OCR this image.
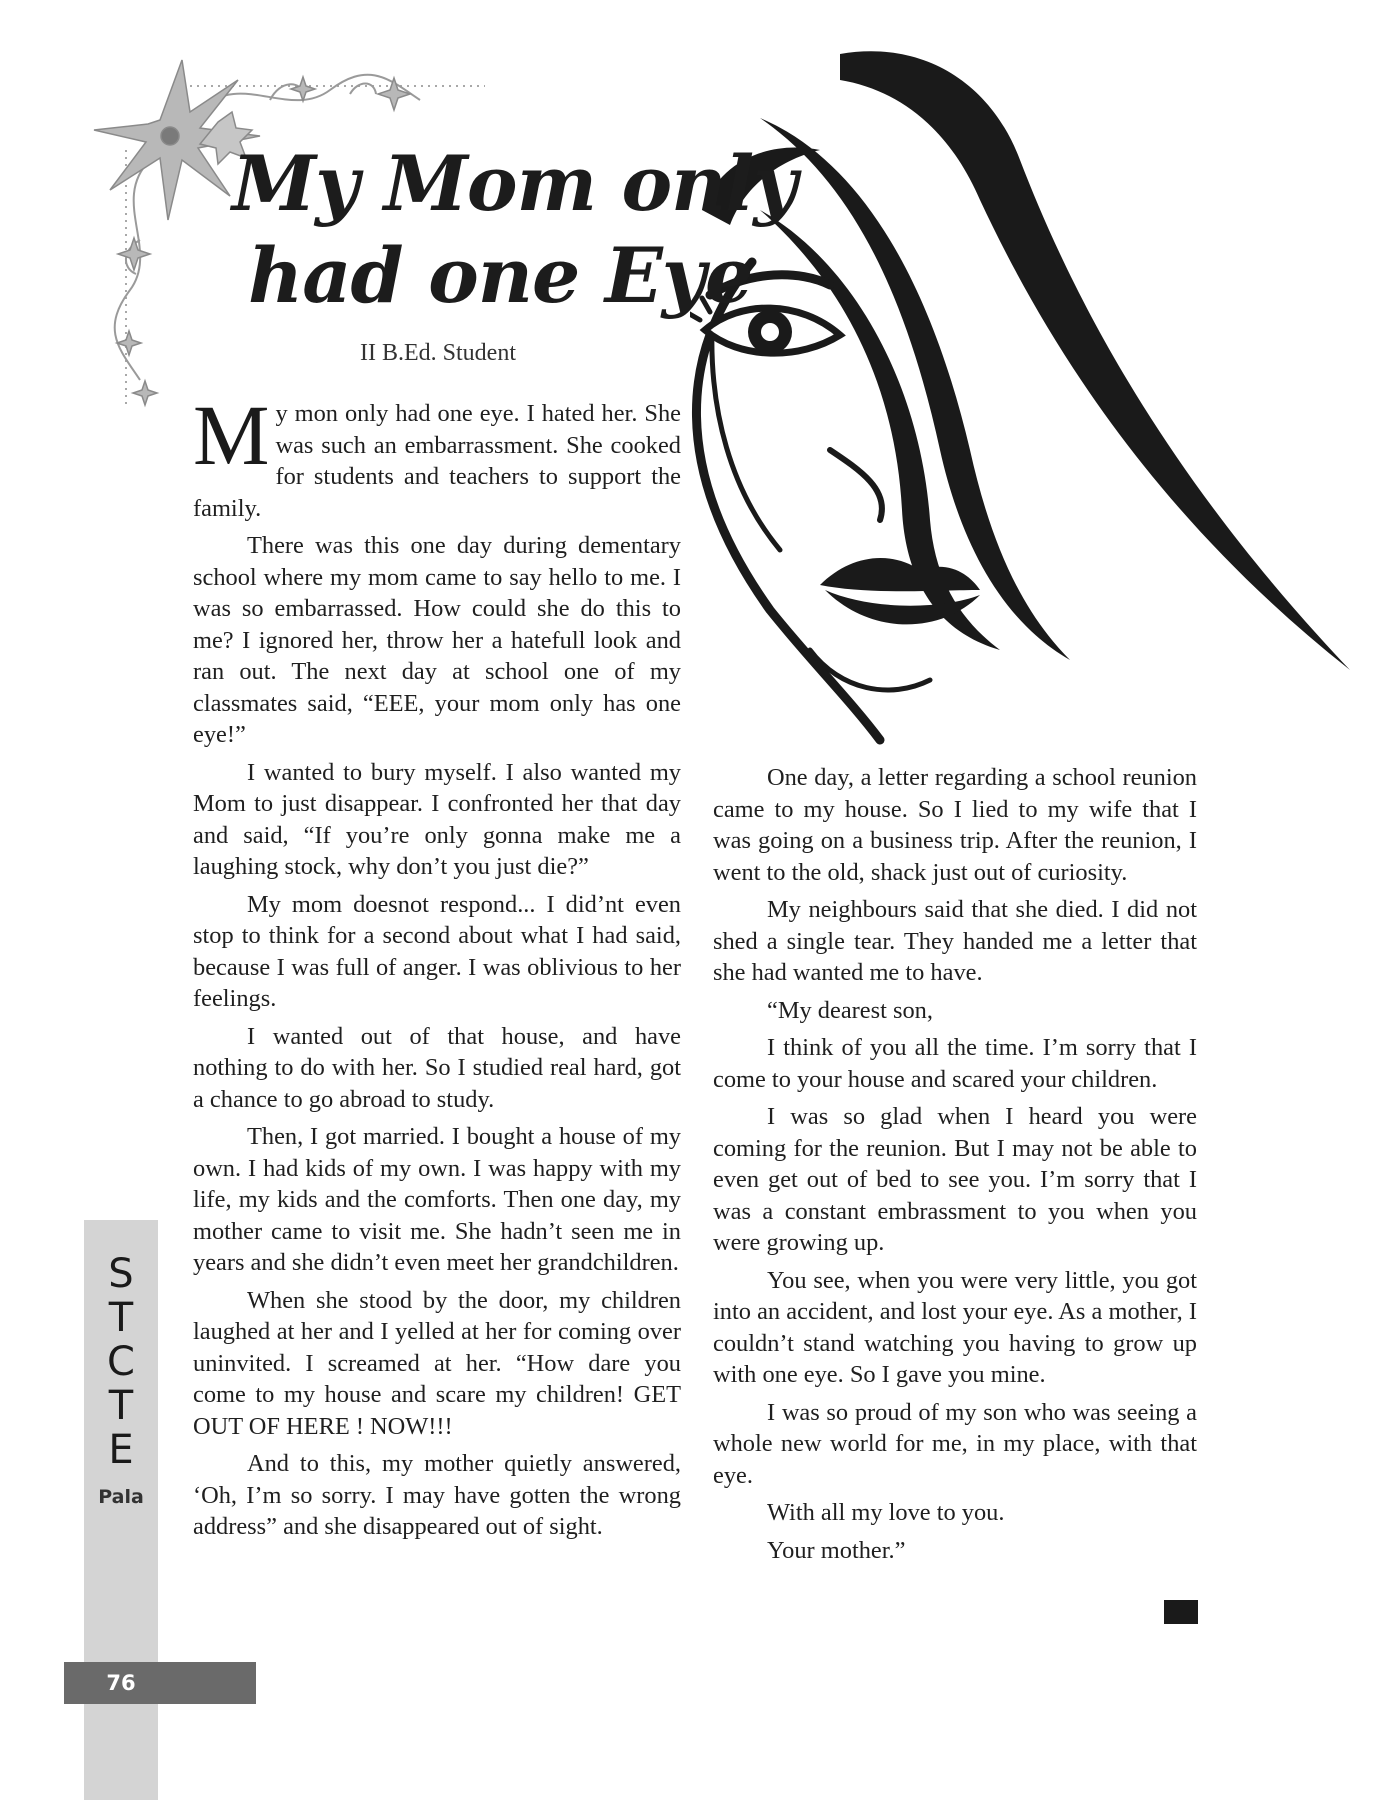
My Mom only
had one Eye
II B.Ed. Student

My mon only had one eye. I hated her. She was such an embarrassment. She cooked for students and teachers to support the family.

There was this one day during dementary school where my mom came to say hello to me. I was so embarrassed. How could she do this to me? I ignored her, throw her a hatefull look and ran out. The next day at school one of my classmates said, “EEE, your mom only has one eye!”

I wanted to bury myself. I also wanted my Mom to just disappear. I confronted her that day and said, “If you’re only gonna make me a laughing stock, why don’t you just die?”

My mom doesnot respond... I did’nt even stop to think for a second about what I had said, because I was full of anger. I was oblivious to her feelings.

I wanted out of that house, and have nothing to do with her. So I studied real hard, got a chance to go abroad to study.

Then, I got married. I bought a house of my own. I had kids of my own. I was happy with my life, my kids and the comforts. Then one day, my mother came to visit me. She hadn’t seen me in years and she didn’t even meet her grandchildren.

When she stood by the door, my children laughed at her and I yelled at her for coming over uninvited. I screamed at her. “How dare you come to my house and scare my children! GET OUT OF HERE ! NOW!!!

And to this, my mother quietly answered, ‘Oh, I’m so sorry. I may have gotten the wrong address” and she disappeared out of sight.

One day, a letter regarding a school reunion came to my house. So I lied to my wife that I was going on a business trip. After the reunion, I went to the old, shack just out of curiosity.

My neighbours said that she died. I did not shed a single tear. They handed me a letter that she had wanted me to have.

“My dearest son,

I think of you all the time. I’m sorry that I come to your house and scared your children.

I was so glad when I heard you were coming for the reunion. But I may not be able to even get out of bed to see you. I’m sorry that I was a constant embrassment to you when you were growing up.

You see, when you were very little, you got into an accident, and lost your eye. As a mother, I couldn’t stand watching you having to grow up with one eye. So I gave you mine.

I was so proud of my son who was seeing a whole new world for me, in my place, with that eye.

With all my love to you.

Your mother.”

S
T
C
T
E
Pala
76
